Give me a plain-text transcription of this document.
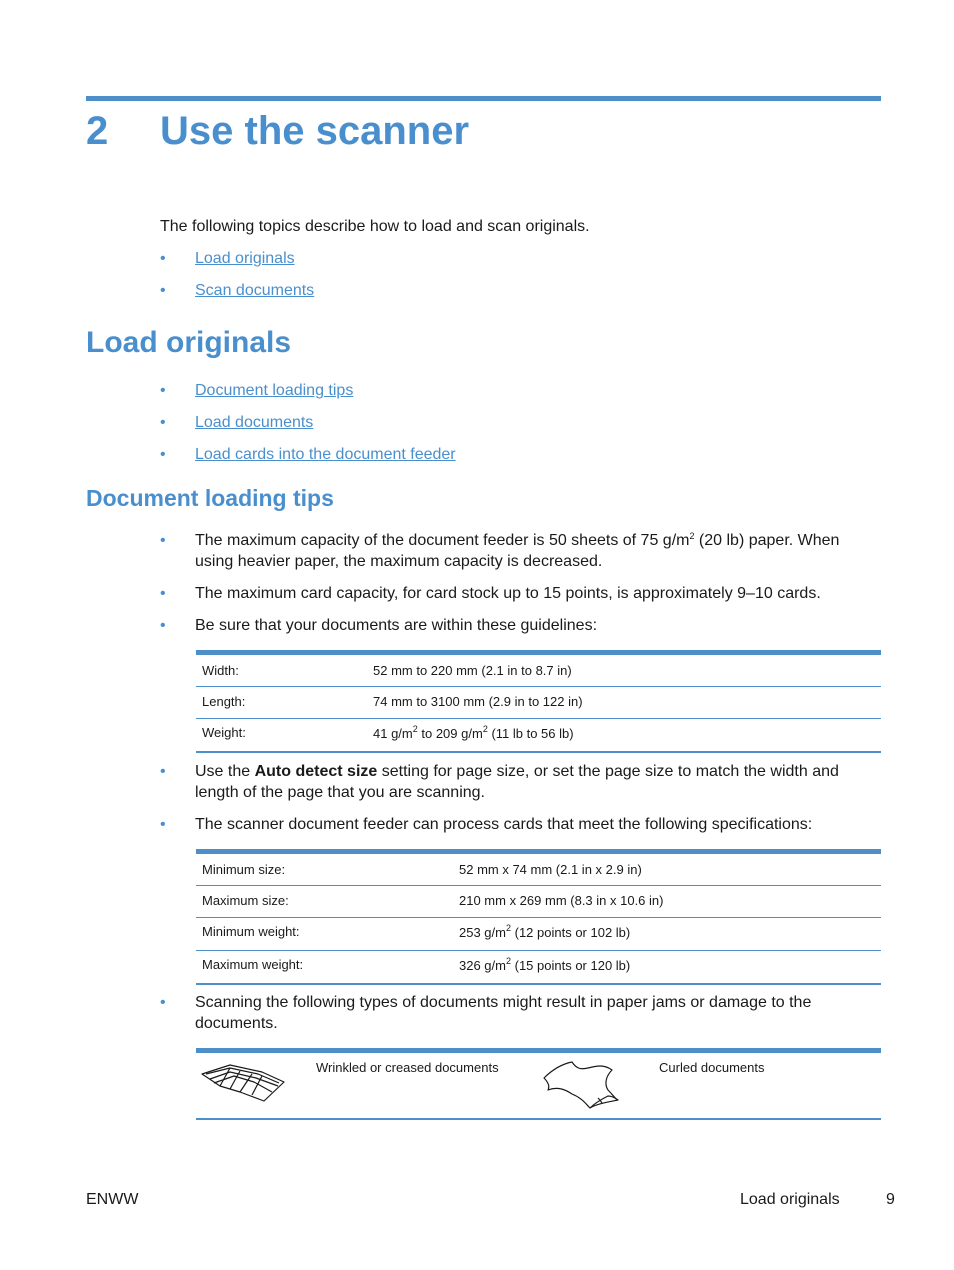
2 Use the scanner
The following topics describe how to load and scan originals.
• Load originals
• Scan documents
Load originals
• Document loading tips
• Load documents
• Load cards into the document feeder
Document loading tips
• The maximum capacity of the document feeder is 50 sheets of 75 $g/m^2$ (20 lb) paper. When using heavier paper, the maximum capacity is decreased.
• The maximum card capacity, for card stock up to 15 points, is approximately 9–10 cards.
• Be sure that your documents are within these guidelines:
Width:	52 mm to 220 mm (2.1 in to 8.7 in)
Length:	74 mm to 3100 mm (2.9 in to 122 in)
Weight:	41 $g/m^2$ to 209 $g/m^2$ (11 lb to 56 lb)
• Use the Auto detect size setting for page size, or set the page size to match the width and length of the page that you are scanning.
• The scanner document feeder can process cards that meet the following specifications:
Minimum size:	52 mm x 74 mm (2.1 in x 2.9 in)
Maximum size:	210 mm x 269 mm (8.3 in x 10.6 in)
Minimum weight:	253 $g/m^2$ (12 points or 102 lb)
Maximum weight:	326 $g/m^2$ (15 points or 120 lb)
• Scanning the following types of documents might result in paper jams or damage to the documents.
Wrinkled or creased documents	Curled documents
ENWW	Load originals	9
